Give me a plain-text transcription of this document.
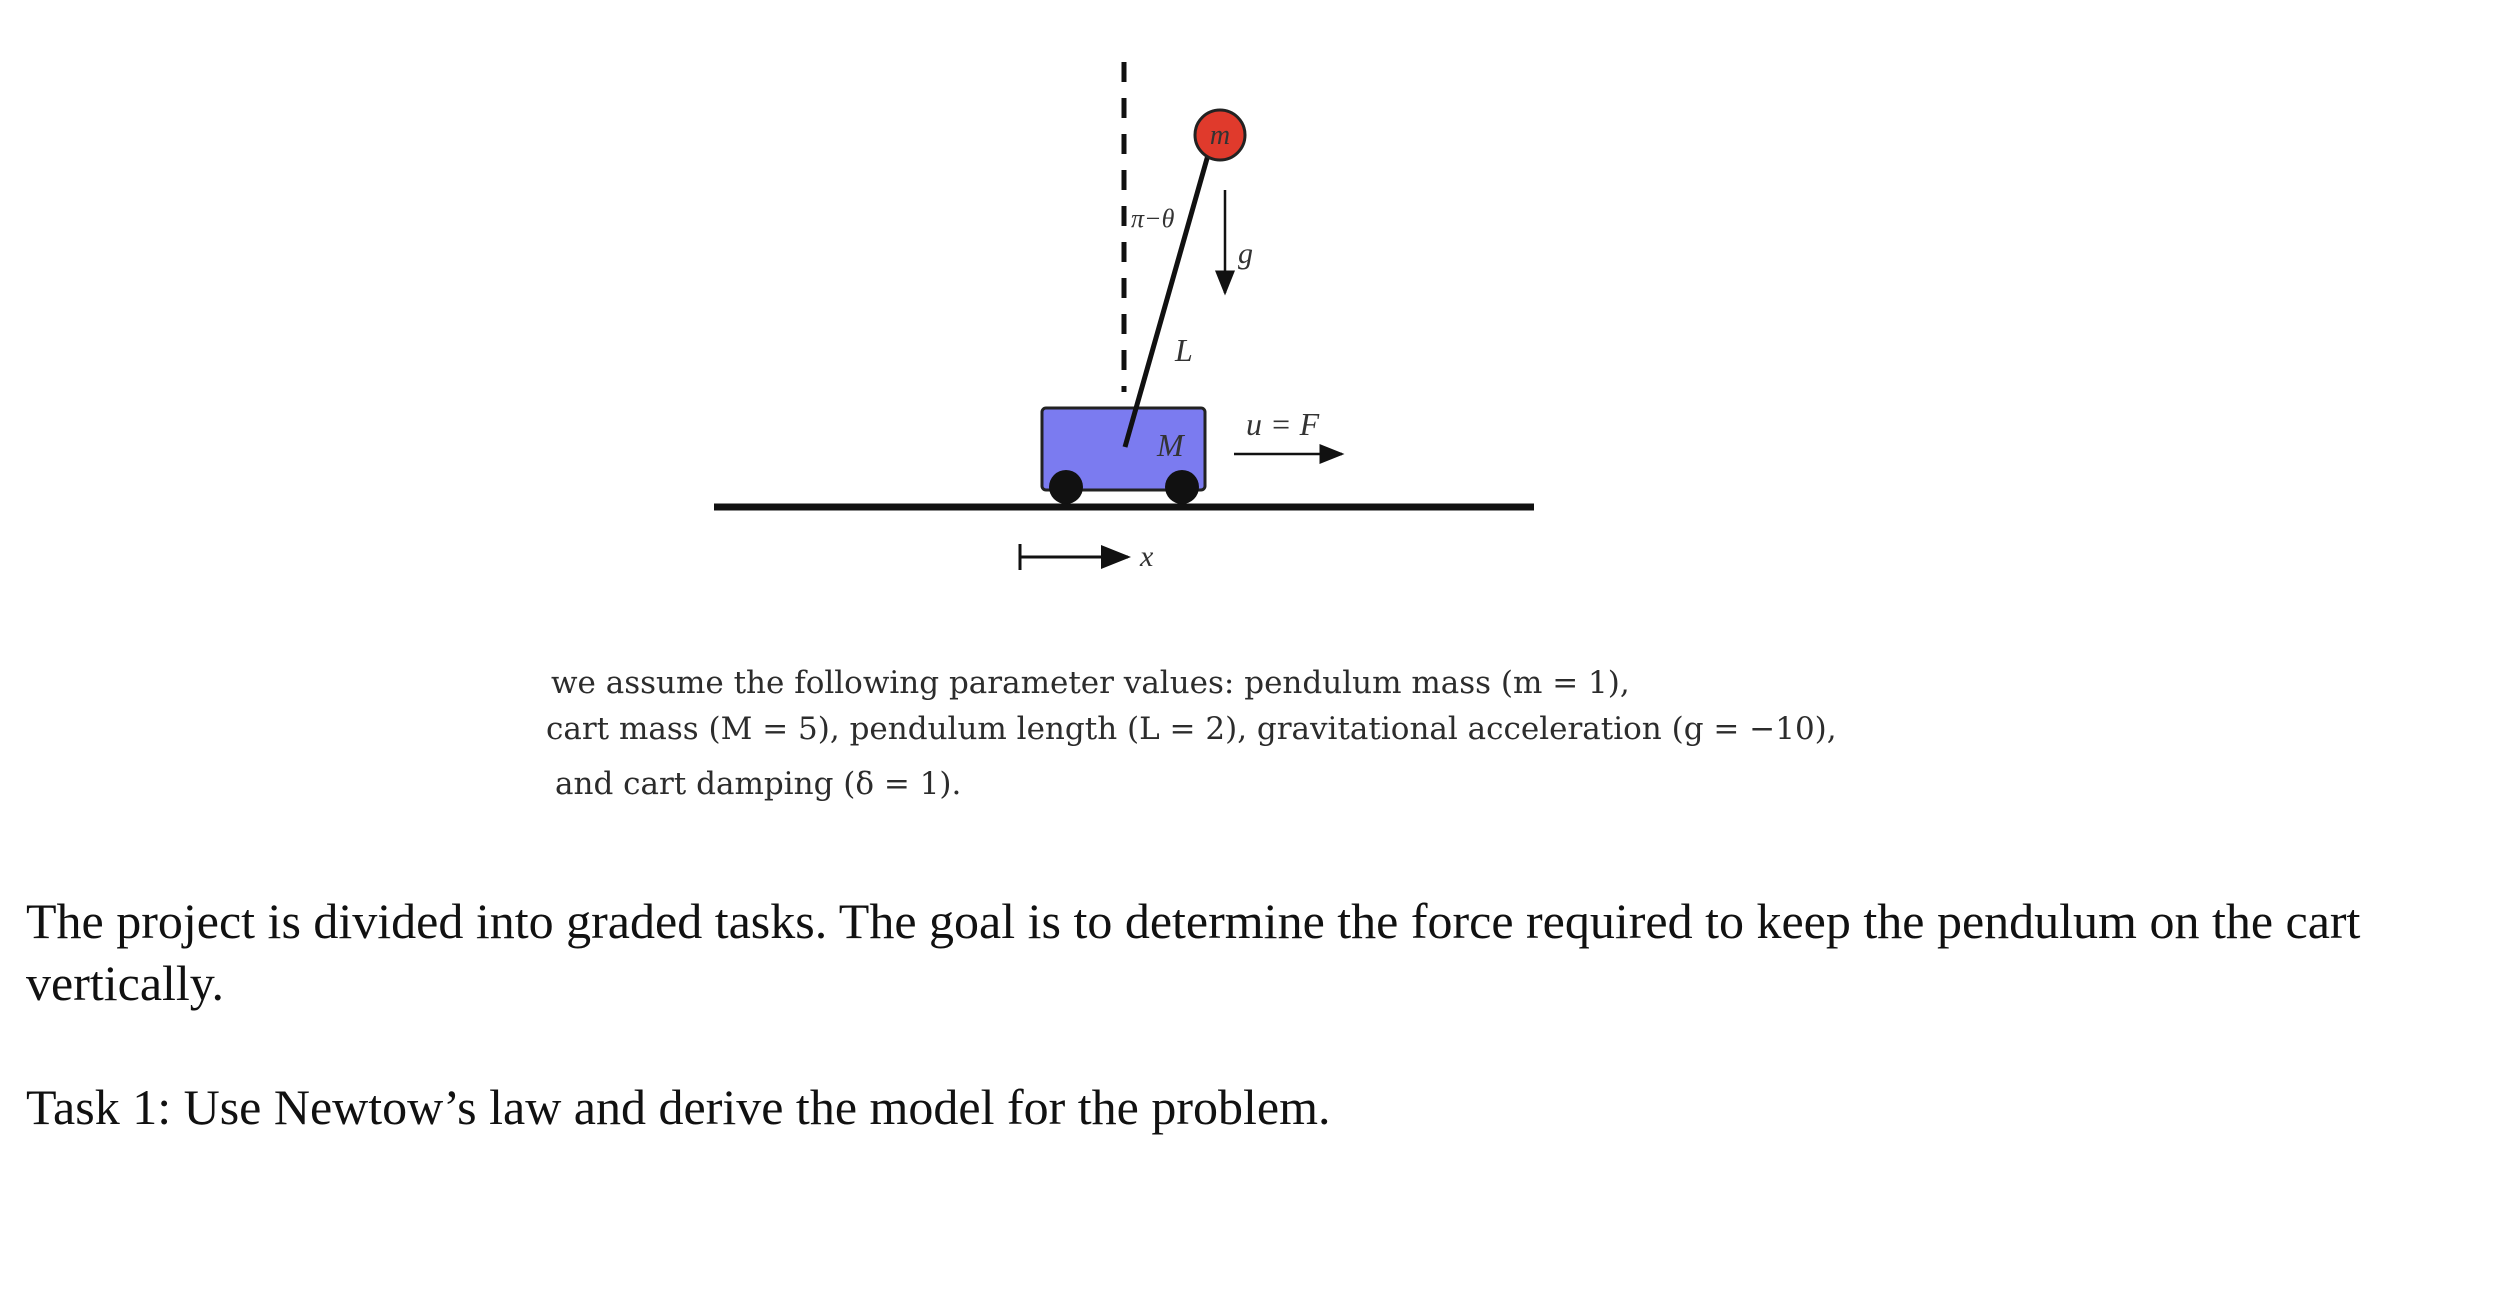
m
π−θ
g
L
M
u = F
x

we assume the following parameter values: pendulum mass (m = 1),

cart mass (M = 5), pendulum length (L = 2), gravitational acceleration (g = −10),

and cart damping (δ = 1).

The project is divided into graded tasks. The goal is to determine the force required to keep the pendulum on the cart vertically.

Task 1: Use Newtow’s law and derive the model for the problem.
